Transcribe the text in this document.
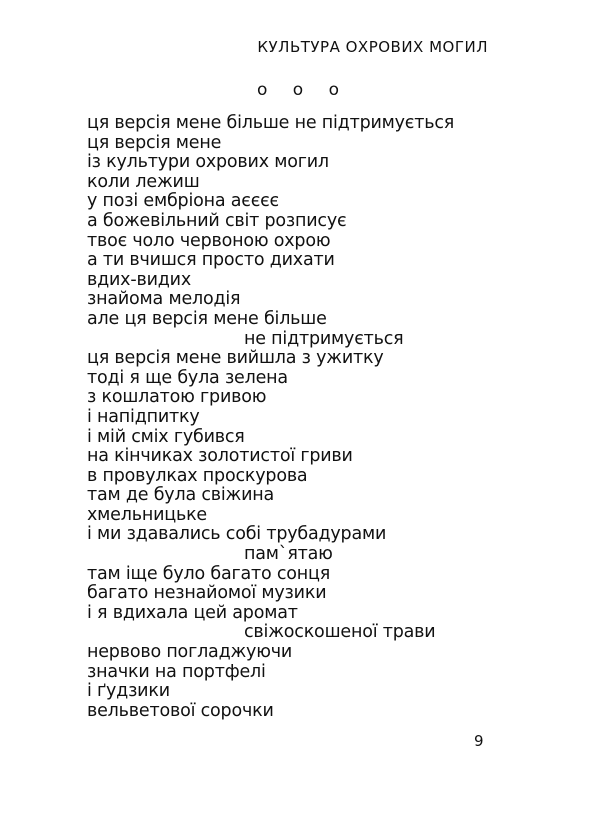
КУЛЬТУРА ОХРОВИХ МОГИЛ
o o o
ця версія мене більше не підтримується
ця версія мене
із культури охрових могил
коли лежиш
у позі ембріона аєєєє
а божевільний світ розписує
твоє чоло червоною охрою
а ти вчишся просто дихати
вдих-видих
знайома мелодія
але ця версія мене більше
не підтримується
ця версія мене вийшла з ужитку
тоді я ще була зелена
з кошлатою гривою
і напідпитку
і мій сміх губився
на кінчиках золотистої гриви
в провулках проскурова
там де була свіжина
хмельницьке
і ми здавались собі трубадурами
пам`ятаю
там іще було багато сонця
багато незнайомої музики
і я вдихала цей аромат
свіжоскошеної трави
нервово погладжуючи
значки на портфелі
і ґудзики
вельветової сорочки
9
